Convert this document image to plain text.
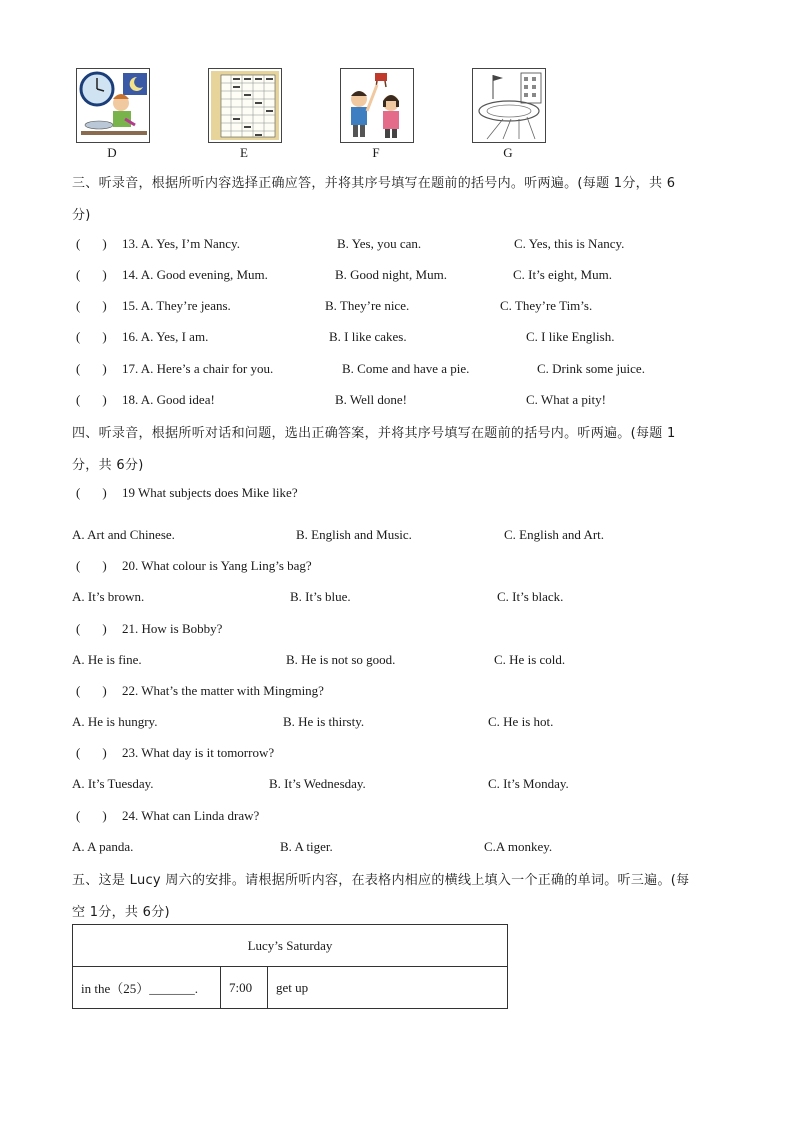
D	E	F	G
三、听录音，根据所听内容选择正确应答，并将其序号填写在题前的括号内。听两遍。(每题 1分，共 6
分)
( ) 13. A. Yes, I’m Nancy.	B. Yes, you can.	C. Yes, this is Nancy.
( ) 14. A. Good evening, Mum.	B. Good night, Mum.	C. It’s eight, Mum.
( ) 15. A. They’re jeans.	B. They’re nice.	C. They’re Tim’s.
( ) 16. A. Yes, I am.	B. I like cakes.	C. I like English.
( ) 17. A. Here’s a chair for you.	B. Come and have a pie.	C. Drink some juice.
( ) 18. A. Good idea!	B. Well done!	C. What a pity!
四、听录音，根据所听对话和问题，选出正确答案，并将其序号填写在题前的括号内。听两遍。(每题 1
分，共 6分)
( ) 19 What subjects does Mike like?
A. Art and Chinese.	B. English and Music.	C. English and Art.
( ) 20. What colour is Yang Ling’s bag?
A. It’s brown.	B. It’s blue.	C. It’s black.
( ) 21. How is Bobby?
A. He is fine.	B. He is not so good.	C. He is cold.
( ) 22. What’s the matter with Mingming?
A. He is hungry.	B. He is thirsty.	C. He is hot.
( ) 23. What day is it tomorrow?
A. It’s Tuesday.	B. It’s Wednesday.	C. It’s Monday.
( ) 24. What can Linda draw?
A. A panda.	B. A tiger.	C.A monkey.
五、这是 Lucy 周六的安排。请根据所听内容，在表格内相应的横线上填入一个正确的单词。听三遍。(每
空 1分，共 6分)
Lucy’s Saturday
in the（25）_______.	7:00	get up
